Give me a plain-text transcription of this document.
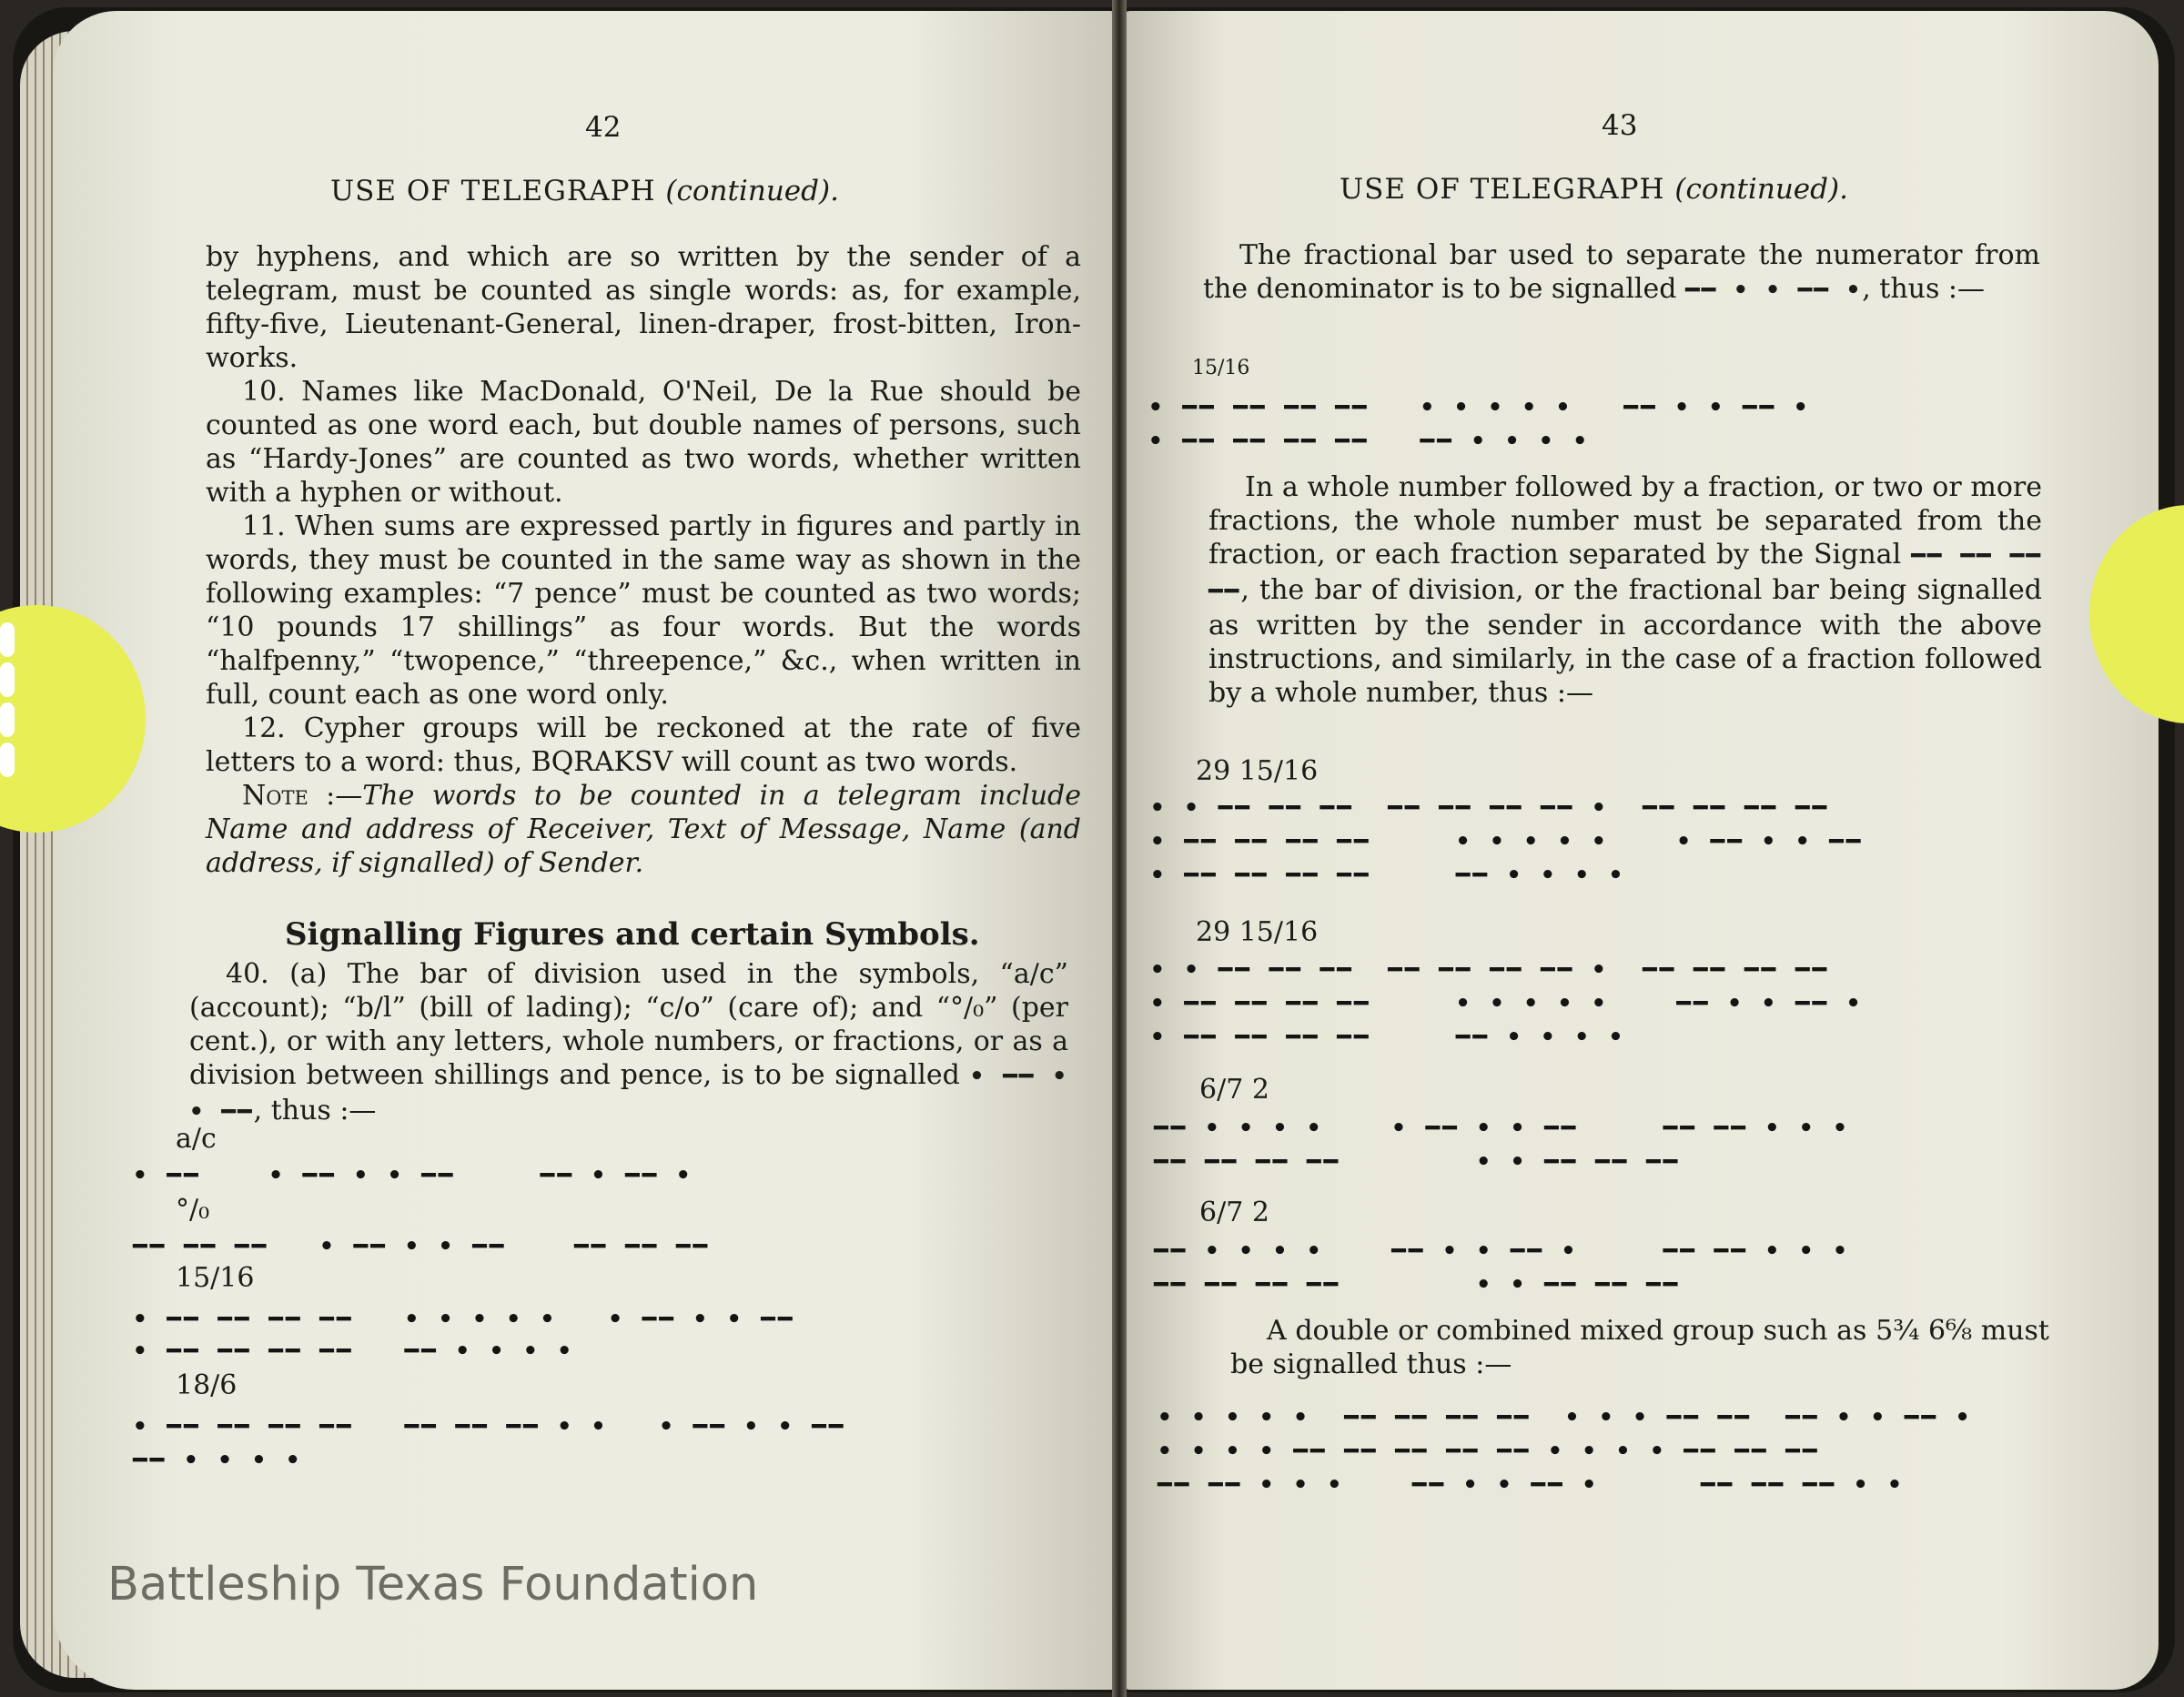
42
USE OF TELEGRAPH (continued).

by hyphens, and which are so written by the sender of a telegram, must be counted as single words: as, for example, fifty-five, Lieutenant-General, linen-draper, frost-bitten, Iron-works.

10. Names like MacDonald, O'Neil, De la Rue should be counted as one word each, but double names of persons, such as “Hardy-Jones” are counted as two words, whether written with a hyphen or without.

11. When sums are expressed partly in figures and partly in words, they must be counted in the same way as shown in the following examples: “7 pence” must be counted as two words; “10 pounds 17 shillings” as four words. But the words “halfpenny,” “twopence,” “threepence,” &c., when written in full, count each as one word only.

12. Cypher groups will be reckoned at the rate of five letters to a word: thus, BQRAKSV will count as two words.

Note :—The words to be counted in a telegram include Name and address of Receiver, Text of Message, Name (and address, if signalled) of Sender.

Signalling Figures and certain Symbols.

40. (a) The bar of division used in the symbols, “a/c” (account); “b/l” (bill of lading); “c/o” (care of); and “°/₀” (per cent.), or with any letters, whole numbers, or fractions, or as a division between shillings and pence, is to be signalled • ━━ • • ━━, thus :—

a/c
• ━━    • ━━ • • ━━     ━━ • ━━ •
°/₀
━━ ━━ ━━   • ━━ • • ━━    ━━ ━━ ━━
15/16
• ━━ ━━ ━━ ━━   • • • • •   • ━━ • • ━━
• ━━ ━━ ━━ ━━   ━━ • • • •
18/6
• ━━ ━━ ━━ ━━   ━━ ━━ ━━ • •   • ━━ • • ━━
━━ • • • •
43
USE OF TELEGRAPH (continued).

The fractional bar used to separate the numerator from the denominator is to be signalled ━━ • • ━━ •, thus :—

15/16
• ━━ ━━ ━━ ━━   • • • • •   ━━ • • ━━ •
• ━━ ━━ ━━ ━━   ━━ • • • •

In a whole number followed by a fraction, or two or more fractions, the whole number must be separated from the fraction, or each fraction separated by the Signal ━━ ━━ ━━ ━━, the bar of division, or the fractional bar being signalled as written by the sender in accordance with the above instructions, and similarly, in the case of a fraction followed by a whole number, thus :—

29 15/16
• • ━━ ━━ ━━  ━━ ━━ ━━ ━━ •  ━━ ━━ ━━ ━━
• ━━ ━━ ━━ ━━     • • • • •    • ━━ • • ━━
• ━━ ━━ ━━ ━━     ━━ • • • •
29 15/16
• • ━━ ━━ ━━  ━━ ━━ ━━ ━━ •  ━━ ━━ ━━ ━━
• ━━ ━━ ━━ ━━     • • • • •    ━━ • • ━━ •
• ━━ ━━ ━━ ━━     ━━ • • • •
6/7 2
━━ • • • •    • ━━ • • ━━     ━━ ━━ • • •
━━ ━━ ━━ ━━        • • ━━ ━━ ━━
6/7 2
━━ • • • •    ━━ • • ━━ •     ━━ ━━ • • •
━━ ━━ ━━ ━━        • • ━━ ━━ ━━

A double or combined mixed group such as 5¾ 6⁶⁄₈ must be signalled thus :—

• • • • •  ━━ ━━ ━━ ━━  • • • ━━ ━━  ━━ • • ━━ •
• • • • ━━ ━━ ━━ ━━ ━━ • • • • ━━ ━━ ━━
━━ ━━ • • •    ━━ • • ━━ •      ━━ ━━ ━━ • •
Battleship Texas Foundation
